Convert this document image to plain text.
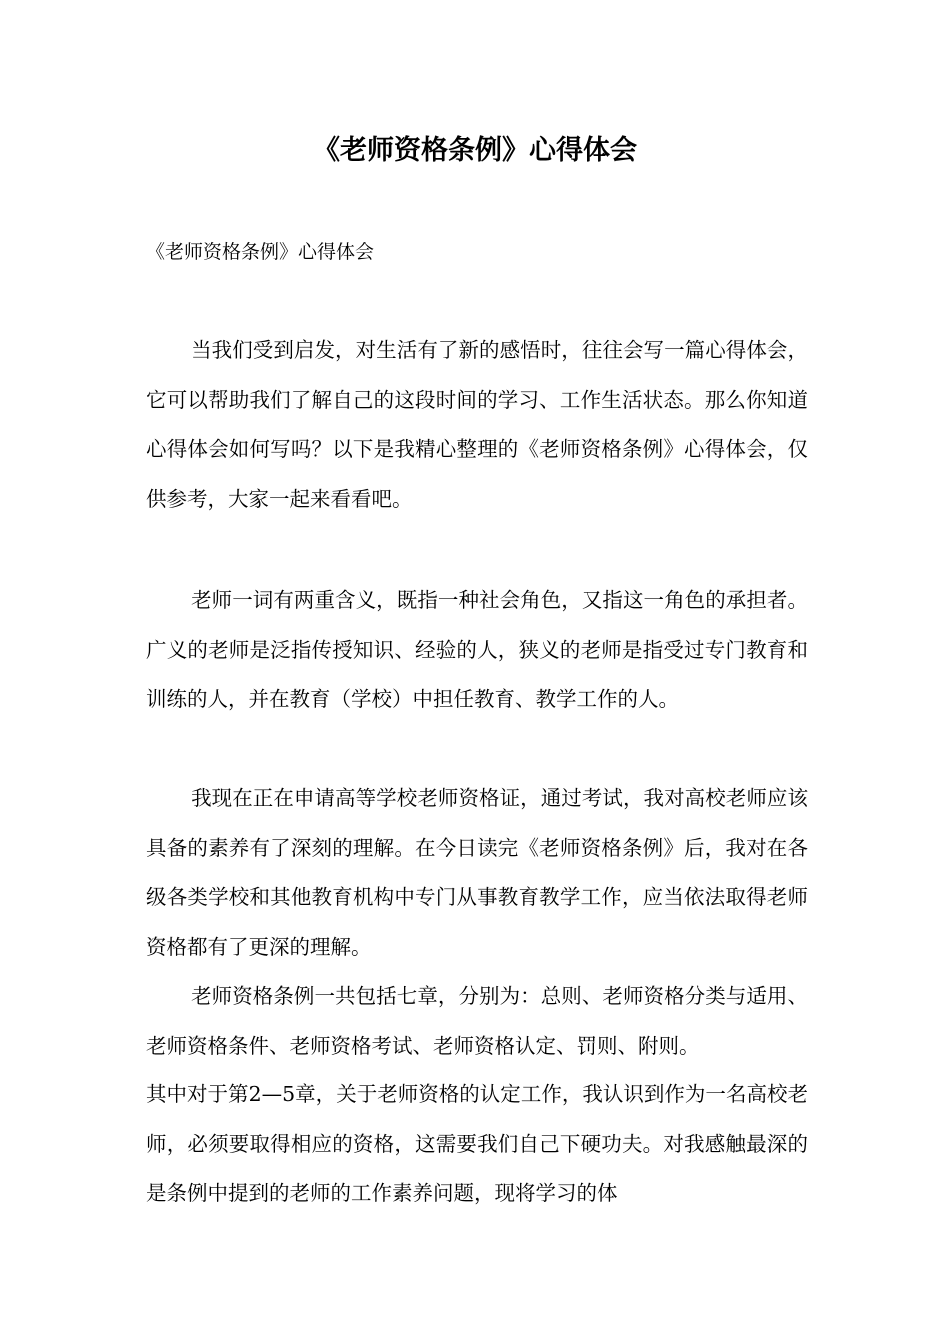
《老师资格条例》心得体会

《老师资格条例》心得体会

当我们受到启发，对生活有了新的感悟时，往往会写一篇心得体会，它可以帮助我们了解自己的这段时间的学习、工作生活状态。那么你知道心得体会如何写吗？以下是我精心整理的《老师资格条例》心得体会，仅供参考，大家一起来看看吧。

老师一词有两重含义，既指一种社会角色，又指这一角色的承担者。广义的老师是泛指传授知识、经验的人，狭义的老师是指受过专门教育和训练的人，并在教育（学校）中担任教育、教学工作的人。

我现在正在申请高等学校老师资格证，通过考试，我对高校老师应该具备的素养有了深刻的理解。在今日读完《老师资格条例》后，我对在各级各类学校和其他教育机构中专门从事教育教学工作，应当依法取得老师资格都有了更深的理解。

老师资格条例一共包括七章，分别为：总则、老师资格分类与适用、老师资格条件、老师资格考试、老师资格认定、罚则、附则。

其中对于第2—5章，关于老师资格的认定工作，我认识到作为一名高校老师，必须要取得相应的资格，这需要我们自己下硬功夫。对我感触最深的是条例中提到的老师的工作素养问题，现将学习的体
